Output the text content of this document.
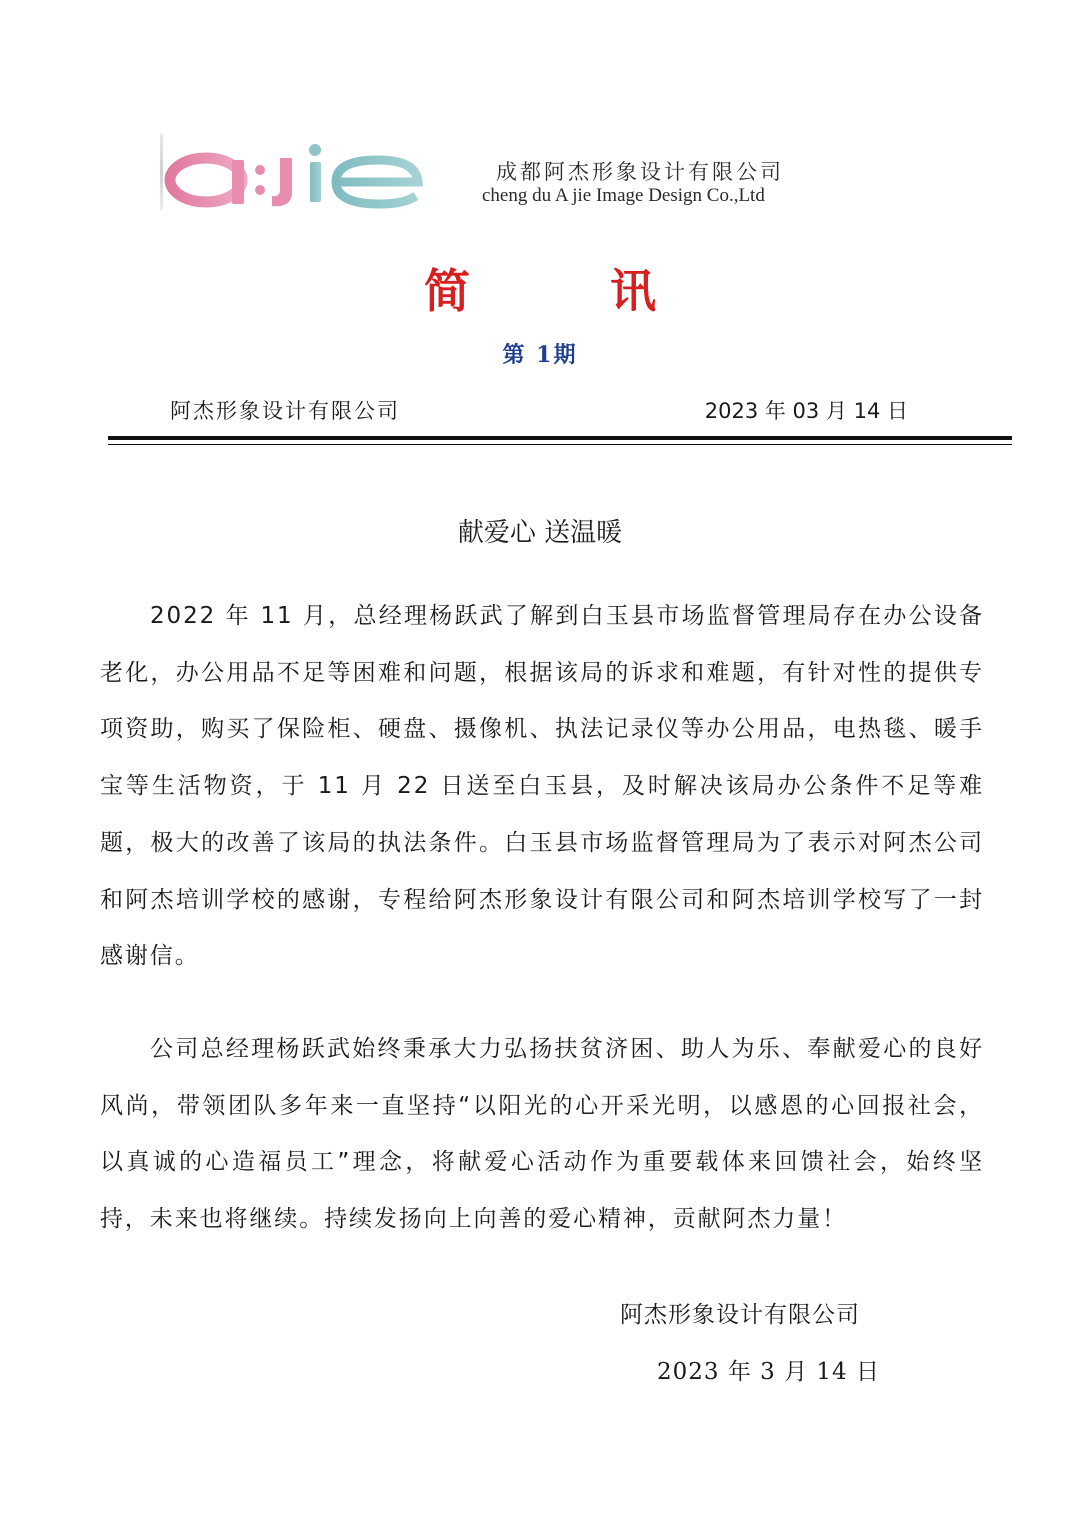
成都阿杰形象设计有限公司
cheng du A jie Image Design Co.,Ltd
简 讯
第 1期
阿杰形象设计有限公司	2023 年 03 月 14 日
献爱心 送温暖

2022 年 11 月，总经理杨跃武了解到白玉县市场监督管理局存在办公设备老化，办公用品不足等困难和问题，根据该局的诉求和难题，有针对性的提供专项资助，购买了保险柜、硬盘、摄像机、执法记录仪等办公用品，电热毯、暖手宝等生活物资，于 11 月 22 日送至白玉县，及时解决该局办公条件不足等难题，极大的改善了该局的执法条件。白玉县市场监督管理局为了表示对阿杰公司和阿杰培训学校的感谢，专程给阿杰形象设计有限公司和阿杰培训学校写了一封感谢信。

公司总经理杨跃武始终秉承大力弘扬扶贫济困、助人为乐、奉献爱心的良好风尚，带领团队多年来一直坚持“以阳光的心开采光明，以感恩的心回报社会，以真诚的心造福员工”理念，将献爱心活动作为重要载体来回馈社会，始终坚持，未来也将继续。持续发扬向上向善的爱心精神，贡献阿杰力量！

阿杰形象设计有限公司
2023 年 3 月 14 日
